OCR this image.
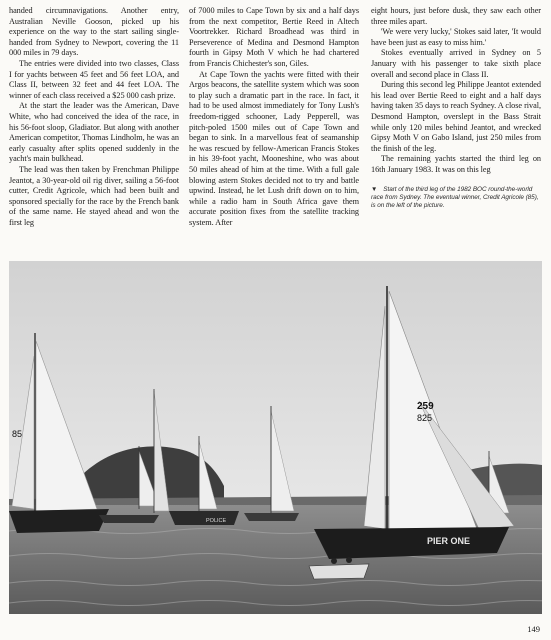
handed circumnavigations. Another entry, Australian Neville Gooson, picked up his experience on the way to the start sailing single-handed from Sydney to Newport, covering the 11 000 miles in 79 days.

The entries were divided into two classes, Class I for yachts between 45 feet and 56 feet LOA, and Class II, between 32 feet and 44 feet LOA. The winner of each class received a $25 000 cash prize.

At the start the leader was the American, Dave White, who had conceived the idea of the race, in his 56-foot sloop, Gladiator. But along with another American competitor, Thomas Lindholm, he was an early casualty after splits opened suddenly in the yacht's main bulkhead.

The lead was then taken by Frenchman Philippe Jeantot, a 30-year-old oil rig diver, sailing a 56-foot cutter, Credit Agricole, which had been built and sponsored specially for the race by the French bank of the same name. He stayed ahead and won the first leg

of 7000 miles to Cape Town by six and a half days from the next competitor, Bertie Reed in Altech Voortrekker. Richard Broadhead was third in Perseverence of Medina and Desmond Hampton fourth in Gipsy Moth V which he had chartered from Francis Chichester's son, Giles.

At Cape Town the yachts were fitted with their Argos beacons, the satellite system which was soon to play such a dramatic part in the race. In fact, it had to be used almost immediately for Tony Lush's freedom-rigged schooner, Lady Pepperell, was pitch-poled 1500 miles out of Cape Town and began to sink. In a marvellous feat of seamanship he was rescued by fellow-American Francis Stokes in his 39-foot yacht, Mooneshine, who was about 50 miles ahead of him at the time. With a full gale blowing astern Stokes decided not to try and battle upwind. Instead, he let Lush drift down on to him, while a radio ham in South Africa gave them accurate position fixes from the satellite tracking system. After

eight hours, just before dusk, they saw each other three miles apart.

'We were very lucky,' Stokes said later, 'It would have been just as easy to miss him.'

Stokes eventually arrived in Sydney on 5 January with his passenger to take sixth place overall and second place in Class II.

During this second leg Philippe Jeantot extended his lead over Bertie Reed to eight and a half days having taken 35 days to reach Sydney. A close rival, Desmond Hampton, overslept in the Bass Strait while only 120 miles behind Jeantot, and wrecked Gipsy Moth V on Gabo Island, just 250 miles from the finish of the leg.

The remaining yachts started the third leg on 16th January 1983. It was on this leg

▼ Start of the third leg of the 1982 BOC round-the-world race from Sydney. The eventual winner, Credit Agricole (85), is on the left of the picture.
85
POLICE
259
825
PIER ONE
149
